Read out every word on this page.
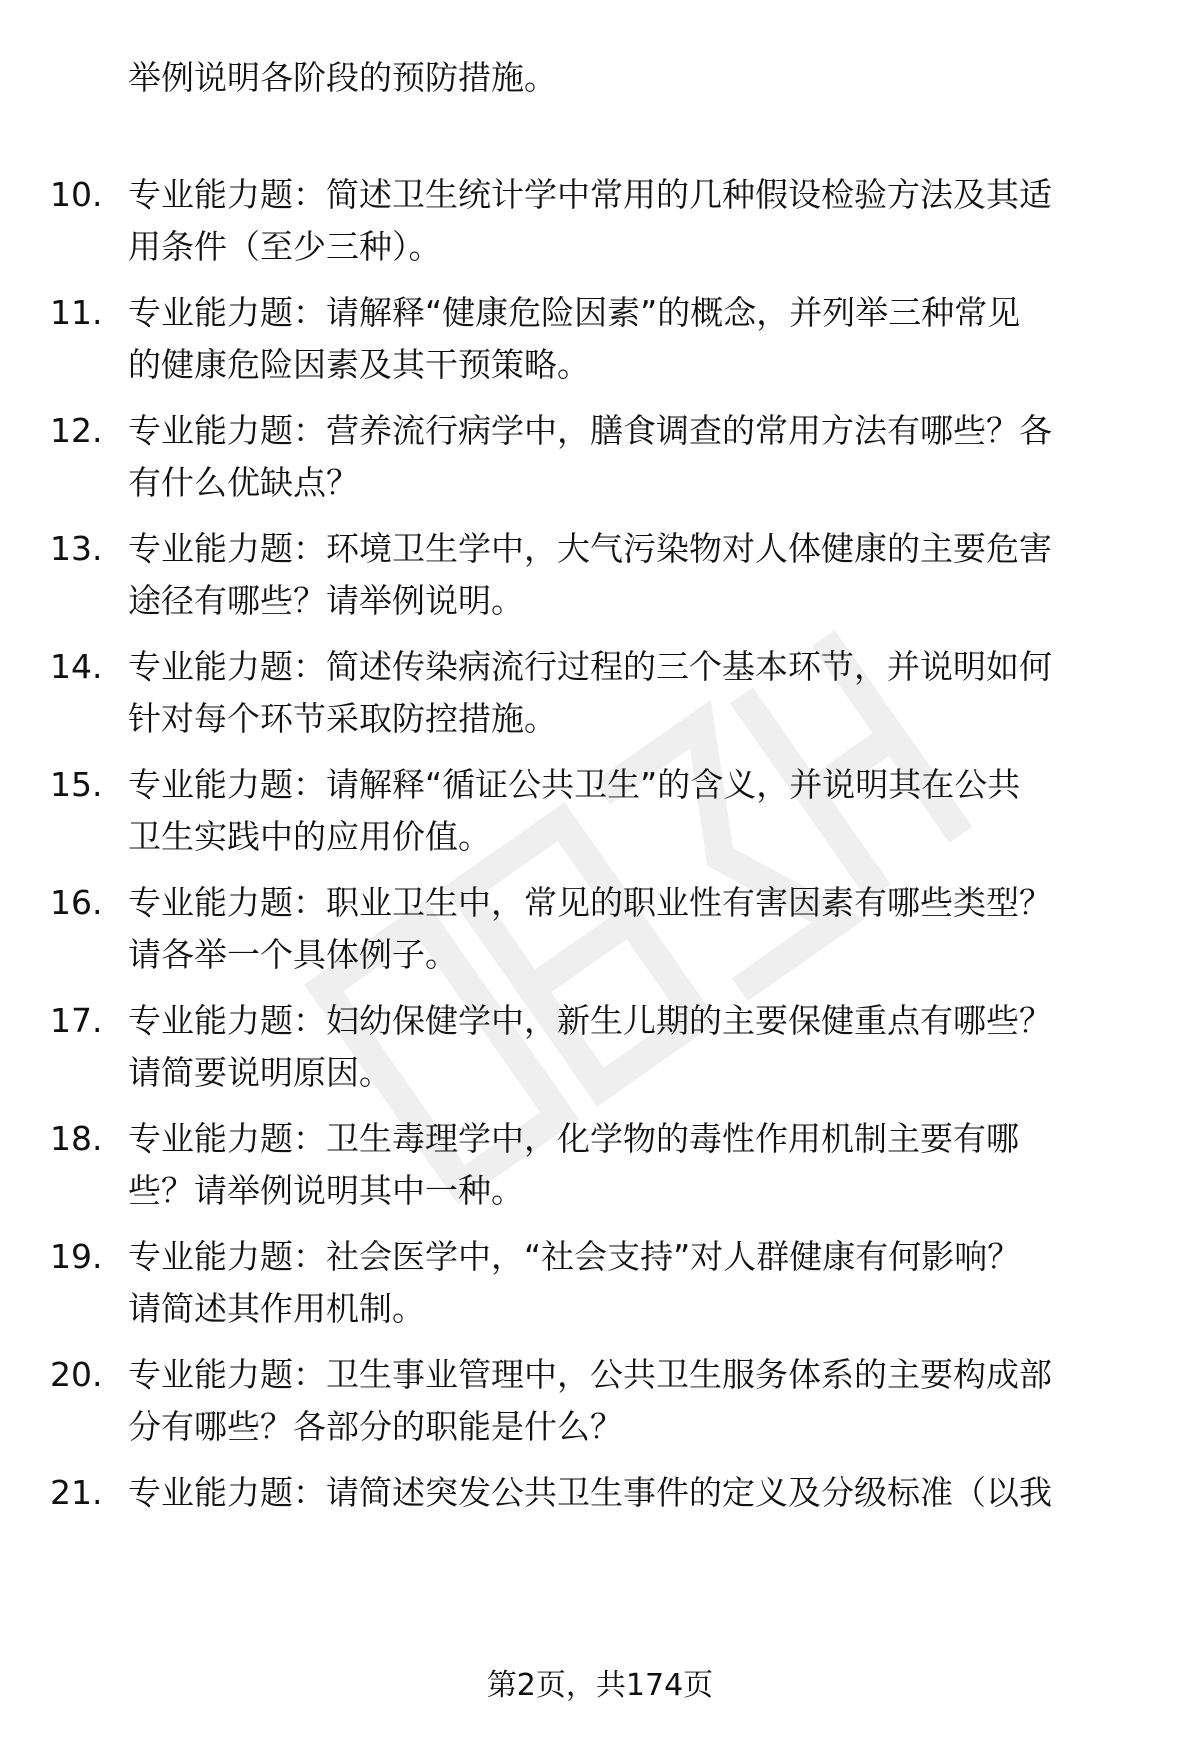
举例说明各阶段的预防措施。
10. 专业能力题：简述卫生统计学中常用的几种假设检验方法及其适
用条件（至少三种）。
11. 专业能力题：请解释“健康危险因素”的概念，并列举三种常见
的健康危险因素及其干预策略。
12. 专业能力题：营养流行病学中，膳食调查的常用方法有哪些？各
有什么优缺点？
13. 专业能力题：环境卫生学中，大气污染物对人体健康的主要危害
途径有哪些？请举例说明。
14. 专业能力题：简述传染病流行过程的三个基本环节，并说明如何
针对每个环节采取防控措施。
15. 专业能力题：请解释“循证公共卫生”的含义，并说明其在公共
卫生实践中的应用价值。
16. 专业能力题：职业卫生中，常见的职业性有害因素有哪些类型？
请各举一个具体例子。
17. 专业能力题：妇幼保健学中，新生儿期的主要保健重点有哪些？
请简要说明原因。
18. 专业能力题：卫生毒理学中，化学物的毒性作用机制主要有哪
些？请举例说明其中一种。
19. 专业能力题：社会医学中，“社会支持”对人群健康有何影响？
请简述其作用机制。
20. 专业能力题：卫生事业管理中，公共卫生服务体系的主要构成部
分有哪些？各部分的职能是什么？
21. 专业能力题：请简述突发公共卫生事件的定义及分级标准（以我
第2页，共174页
